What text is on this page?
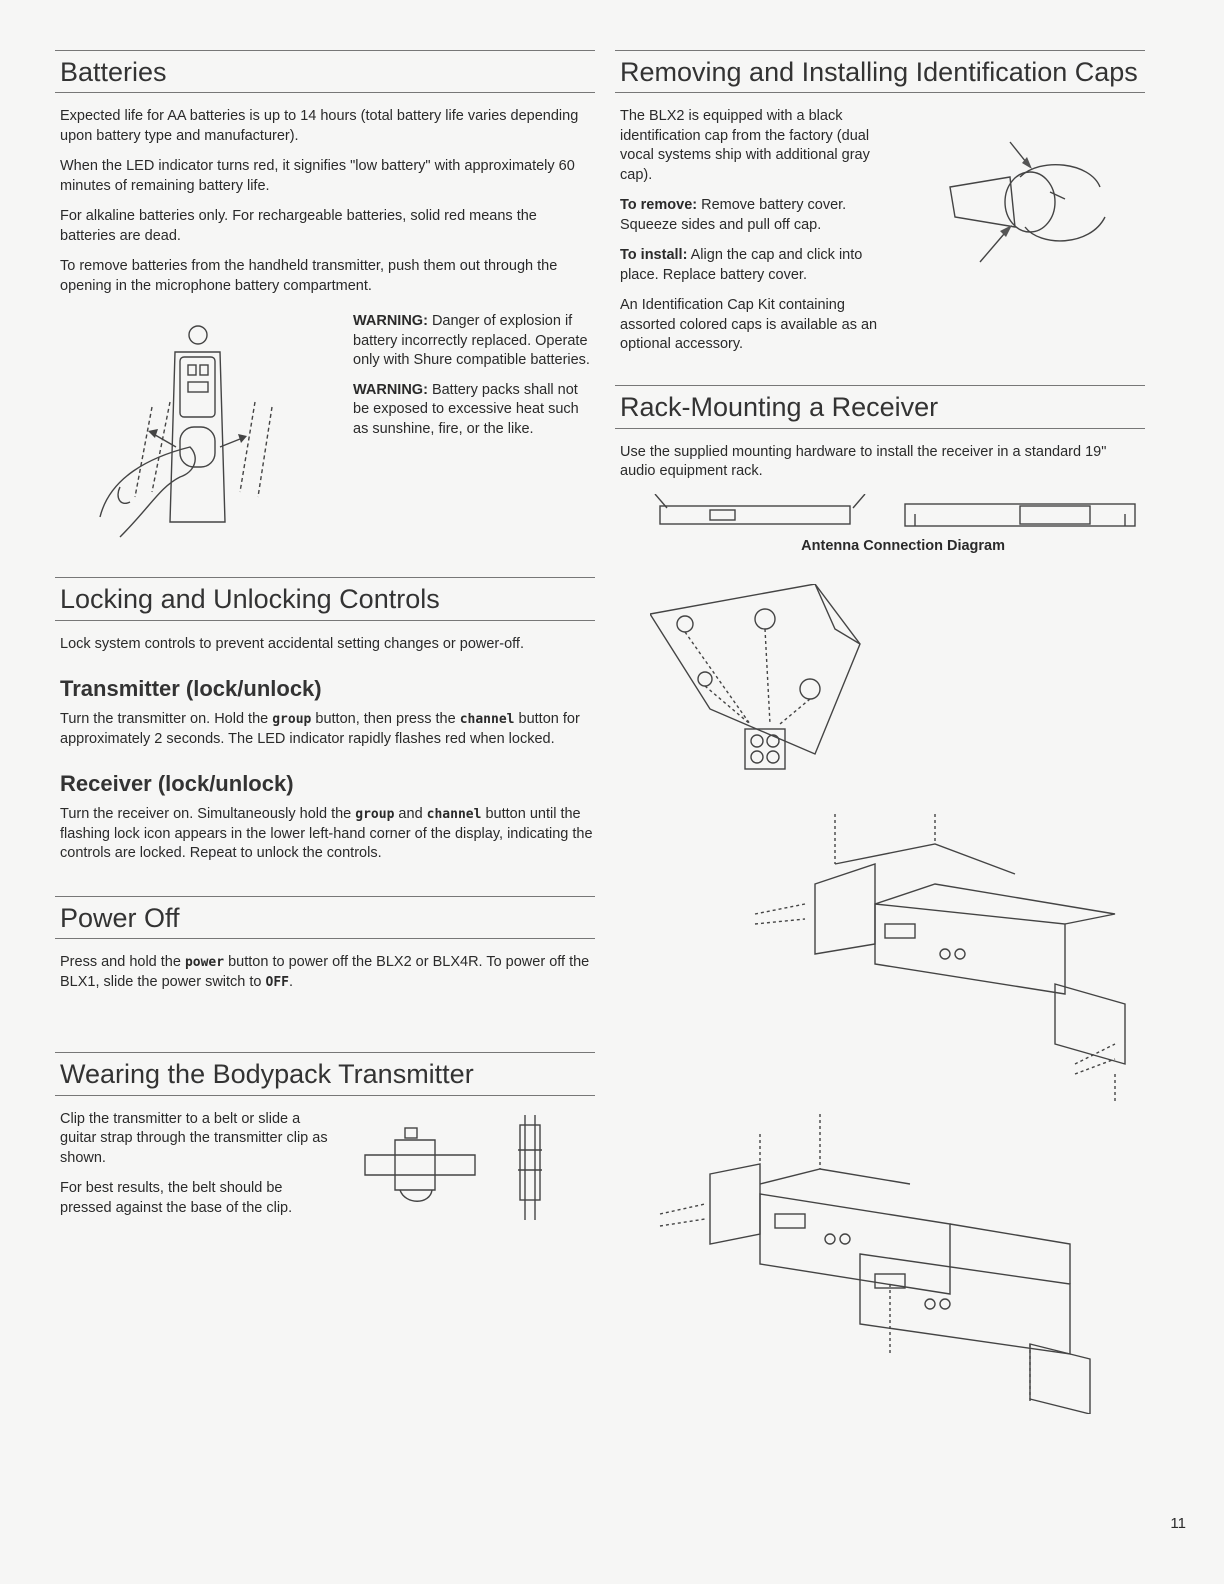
Batteries

Expected life for AA batteries is up to 14 hours (total battery life varies depending upon battery type and manufacturer).

When the LED indicator turns red, it signifies "low battery" with approximately 60 minutes of remaining battery life.

For alkaline batteries only. For rechargeable batteries, solid red means the batteries are dead.

To remove batteries from the handheld transmitter, push them out through the opening in the microphone battery compartment.

WARNING: Danger of explosion if battery incorrectly replaced. Operate only with Shure compatible batteries.

WARNING: Battery packs shall not be exposed to excessive heat such as sunshine, fire, or the like.

Locking and Unlocking Controls

Lock system controls to prevent accidental setting changes or power-off.

Transmitter (lock/unlock)

Turn the transmitter on. Hold the group button, then press the channel button for approximately 2 seconds. The LED indicator rapidly flashes red when locked.

Receiver (lock/unlock)

Turn the receiver on. Simultaneously hold the group and channel button until the flashing lock icon appears in the lower left-hand corner of the display, indicating the controls are locked. Repeat to unlock the controls.

Power Off

Press and hold the power button to power off the BLX2 or BLX4R. To power off the BLX1, slide the power switch to OFF.

Wearing the Bodypack Transmitter

Clip the transmitter to a belt or slide a guitar strap through the transmitter clip as shown.

For best results, the belt should be pressed against the base of the clip.

Removing and Installing Identification Caps

The BLX2 is equipped with a black identification cap from the factory (dual vocal systems ship with additional gray cap).

To remove: Remove battery cover. Squeeze sides and pull off cap.

To install: Align the cap and click into place. Replace battery cover.

An Identification Cap Kit containing assorted colored caps is available as an optional accessory.

Rack-Mounting a Receiver

Use the supplied mounting hardware to install the receiver in a standard 19" audio equipment rack.

Antenna Connection Diagram
11
